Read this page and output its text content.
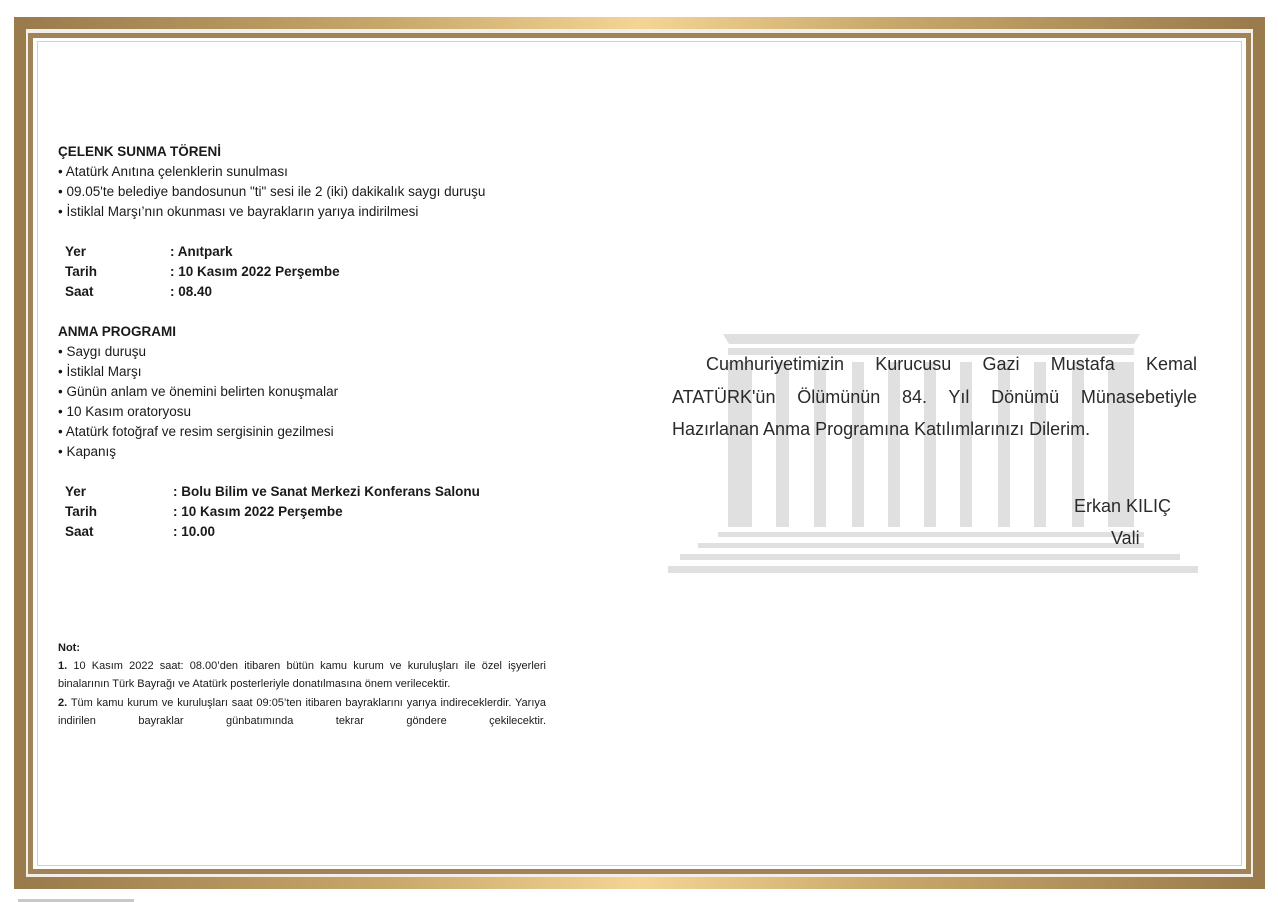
ÇELENK SUNMA TÖRENİ
• Atatürk Anıtına çelenklerin sunulması
• 09.05'te belediye bandosunun "ti" sesi ile 2 (iki) dakikalık saygı duruşu
• İstiklal Marşı’nın okunması ve bayrakların yarıya indirilmesi
Yer	: Anıtpark
Tarih	: 10 Kasım 2022 Perşembe
Saat	: 08.40
ANMA PROGRAMI
• Saygı duruşu
• İstiklal Marşı
• Günün anlam ve önemini belirten konuşmalar
• 10 Kasım oratoryosu
• Atatürk fotoğraf ve resim sergisinin gezilmesi
• Kapanış
Yer	: Bolu Bilim ve Sanat Merkezi Konferans Salonu
Tarih	: 10 Kasım 2022 Perşembe
Saat	: 10.00
Not:

1. 10 Kasım 2022 saat: 08.00’den itibaren bütün kamu kurum ve kuruluşları ile özel işyerleri binalarının Türk Bayrağı ve Atatürk posterleriyle donatılmasına önem verilecektir.

2. Tüm kamu kurum ve kuruluşları saat 09:05’ten itibaren bayraklarını yarıya indireceklerdir. Yarıya indirilen bayraklar günbatımında tekrar göndere çekilecektir.

Cumhuriyetimizin Kurucusu Gazi Mustafa Kemal ATATÜRK'ün Ölümünün 84. Yıl Dönümü Münasebetiyle Hazırlanan Anma Programına Katılımlarınızı Dilerim.
Erkan KILIÇ
Vali
